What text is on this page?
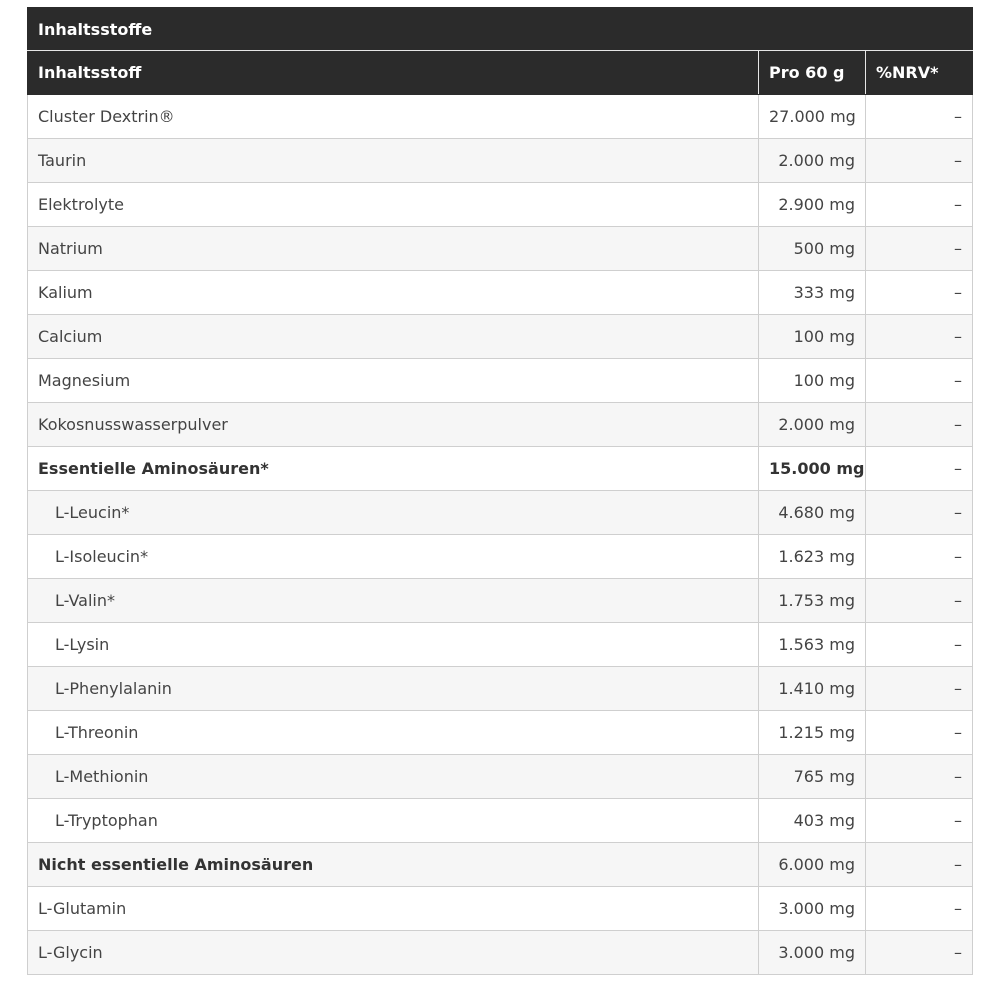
Inhaltsstoffe		
Inhaltsstoff	Pro 60 g	%NRV*
Cluster Dextrin®	27.000 mg	–
Taurin	2.000 mg	–
Elektrolyte	2.900 mg	–
Natrium	500 mg	–
Kalium	333 mg	–
Calcium	100 mg	–
Magnesium	100 mg	–
Kokosnusswasserpulver	2.000 mg	–
Essentielle Aminosäuren*	15.000 mg	–
L-Leucin*	4.680 mg	–
L-Isoleucin*	1.623 mg	–
L-Valin*	1.753 mg	–
L-Lysin	1.563 mg	–
L-Phenylalanin	1.410 mg	–
L-Threonin	1.215 mg	–
L-Methionin	765 mg	–
L-Tryptophan	403 mg	–
Nicht essentielle Aminosäuren	6.000 mg	–
L-Glutamin	3.000 mg	–
L-Glycin	3.000 mg	–
